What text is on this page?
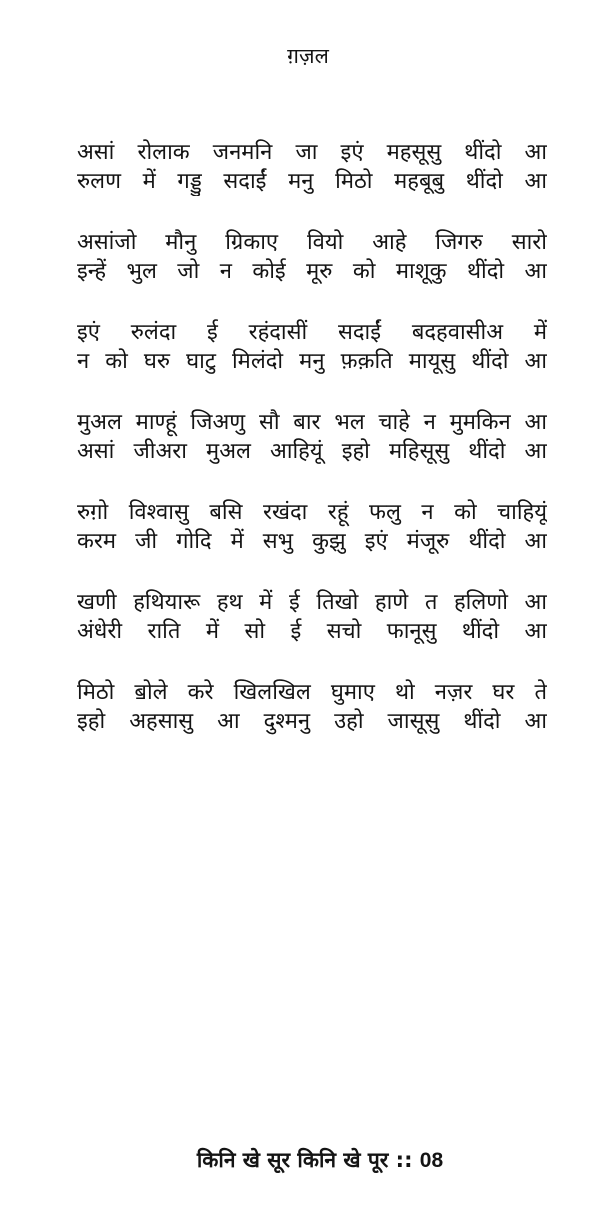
ग़ज़ल
असां रोलाक जनमनि जा इएं महसूसु थींदो आ
रुलण में गड्डु सदाईं मनु मिठो महबूबु थींदो आ
असांजो मौनु ग्रिकाए वियो आहे जिगरु सारो
इन्हें भुल जो न कोई मूरु को माशूकु थींदो आ
इएं रुलंदा ई रहंदासीं सदाईं बदहवासीअ में
न को घरु घाटु मिलंदो मनु फ़क़ति मायूसु थींदो आ
मुअल माण्हूं जिअणु सौ बार भल चाहे न मुमकिन आ
असां जीअरा मुअल आहियूं इहो महिसूसु थींदो आ
रुग़ो विश्वासु बसि रखंदा रहूं फलु न को चाहियूं
करम जी गोदि में सभु कुझु इएं मंजूरु थींदो आ
खणी हथियारू हथ में ई तिखो हाणे त हलिणो आ
अंधेरी राति में सो ई सचो फानूसु थींदो आ
मिठो ॿोले करे खिलखिल घुमाए थो नज़र घर ते
इहो अहसासु आ दुश्मनु उहो जासूसु थींदो आ
किनि खे सूर किनि खे पूर :: 08
